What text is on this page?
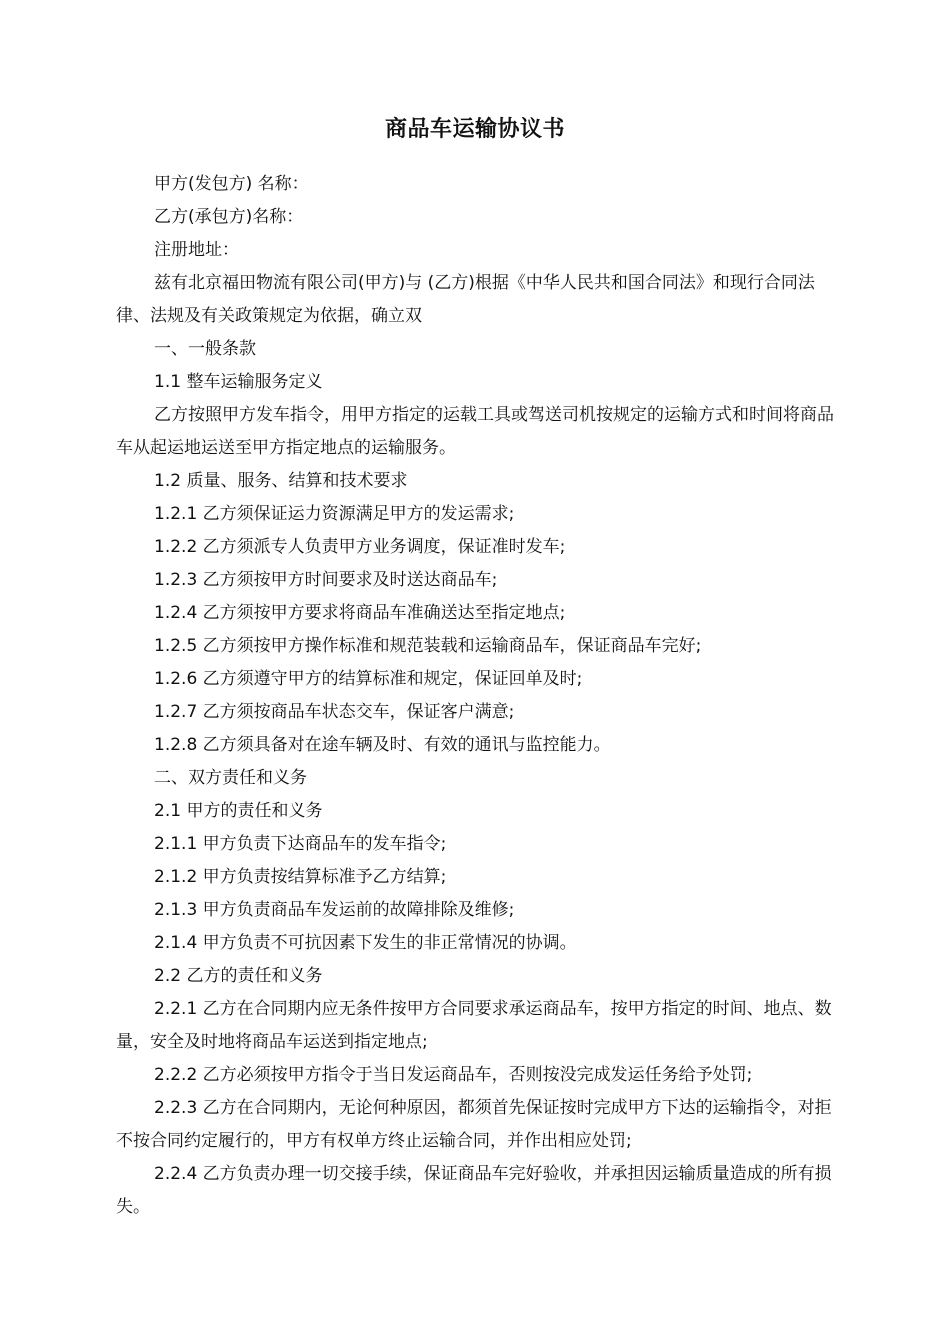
商品车运输协议书

甲方(发包方) 名称：

乙方(承包方)名称：

注册地址：

兹有北京福田物流有限公司(甲方)与 (乙方)根据《中华人民共和国合同法》和现行合同法律、法规及有关政策规定为依据，确立双

一、一般条款

1.1 整车运输服务定义

乙方按照甲方发车指令，用甲方指定的运载工具或驾送司机按规定的运输方式和时间将商品车从起运地运送至甲方指定地点的运输服务。

1.2 质量、服务、结算和技术要求

1.2.1 乙方须保证运力资源满足甲方的发运需求;

1.2.2 乙方须派专人负责甲方业务调度，保证准时发车;

1.2.3 乙方须按甲方时间要求及时送达商品车;

1.2.4 乙方须按甲方要求将商品车准确送达至指定地点;

1.2.5 乙方须按甲方操作标准和规范装载和运输商品车，保证商品车完好;

1.2.6 乙方须遵守甲方的结算标准和规定，保证回单及时;

1.2.7 乙方须按商品车状态交车，保证客户满意;

1.2.8 乙方须具备对在途车辆及时、有效的通讯与监控能力。

二、双方责任和义务

2.1 甲方的责任和义务

2.1.1 甲方负责下达商品车的发车指令;

2.1.2 甲方负责按结算标准予乙方结算;

2.1.3 甲方负责商品车发运前的故障排除及维修;

2.1.4 甲方负责不可抗因素下发生的非正常情况的协调。

2.2 乙方的责任和义务

2.2.1 乙方在合同期内应无条件按甲方合同要求承运商品车，按甲方指定的时间、地点、数量，安全及时地将商品车运送到指定地点;

2.2.2 乙方必须按甲方指令于当日发运商品车，否则按没完成发运任务给予处罚;

2.2.3 乙方在合同期内，无论何种原因，都须首先保证按时完成甲方下达的运输指令，对拒不按合同约定履行的，甲方有权单方终止运输合同，并作出相应处罚;

2.2.4 乙方负责办理一切交接手续，保证商品车完好验收，并承担因运输质量造成的所有损失。
